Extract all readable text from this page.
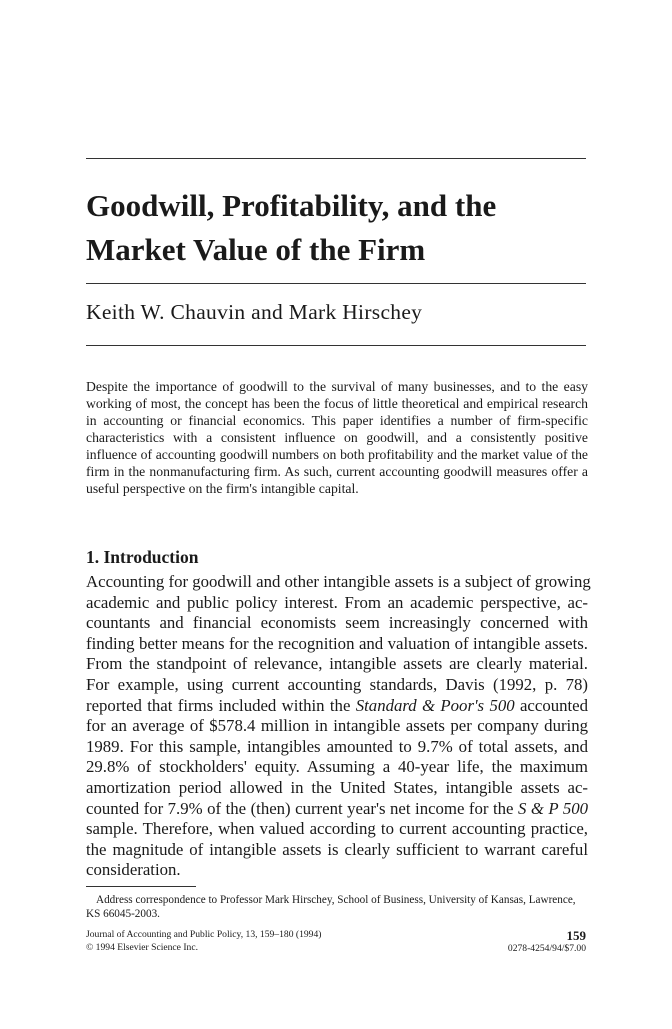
Goodwill, Profitability, and the
Market Value of the Firm

Keith W. Chauvin and Mark Hirschey

Despite the importance of goodwill to the survival of many businesses, and to the easy working of most, the concept has been the focus of little theoretical and empirical research in accounting or financial economics. This paper identifies a number of firm-specific characteristics with a consistent influence on goodwill, and a consistently positive influence of accounting goodwill numbers on both profitability and the market value of the firm in the nonmanufacturing firm. As such, current accounting goodwill measures offer a useful perspective on the firm's intangible capital.

1. Introduction
Accounting for goodwill and other intangible assets is a subject of growing
academic and public policy interest. From an academic perspective, ac-
countants and financial economists seem increasingly concerned with
finding better means for the recognition and valuation of intangible assets.
From the standpoint of relevance, intangible assets are clearly material.
For example, using current accounting standards, Davis (1992, p. 78)
reported that firms included within the Standard & Poor's 500 accounted
for an average of $578.4 million in intangible assets per company during
1989. For this sample, intangibles amounted to 9.7% of total assets, and
29.8% of stockholders' equity. Assuming a 40-year life, the maximum
amortization period allowed in the United States, intangible assets ac-
counted for 7.9% of the (then) current year's net income for the S & P 500
sample. Therefore, when valued according to current accounting practice,
the magnitude of intangible assets is clearly sufficient to warrant careful
consideration.

Address correspondence to Professor Mark Hirschey, School of Business, University of Kansas, Lawrence, KS 66045-2003.

Journal of Accounting and Public Policy, 13, 159–180 (1994)
© 1994 Elsevier Science Inc.
159
0278-4254/94/$7.00
